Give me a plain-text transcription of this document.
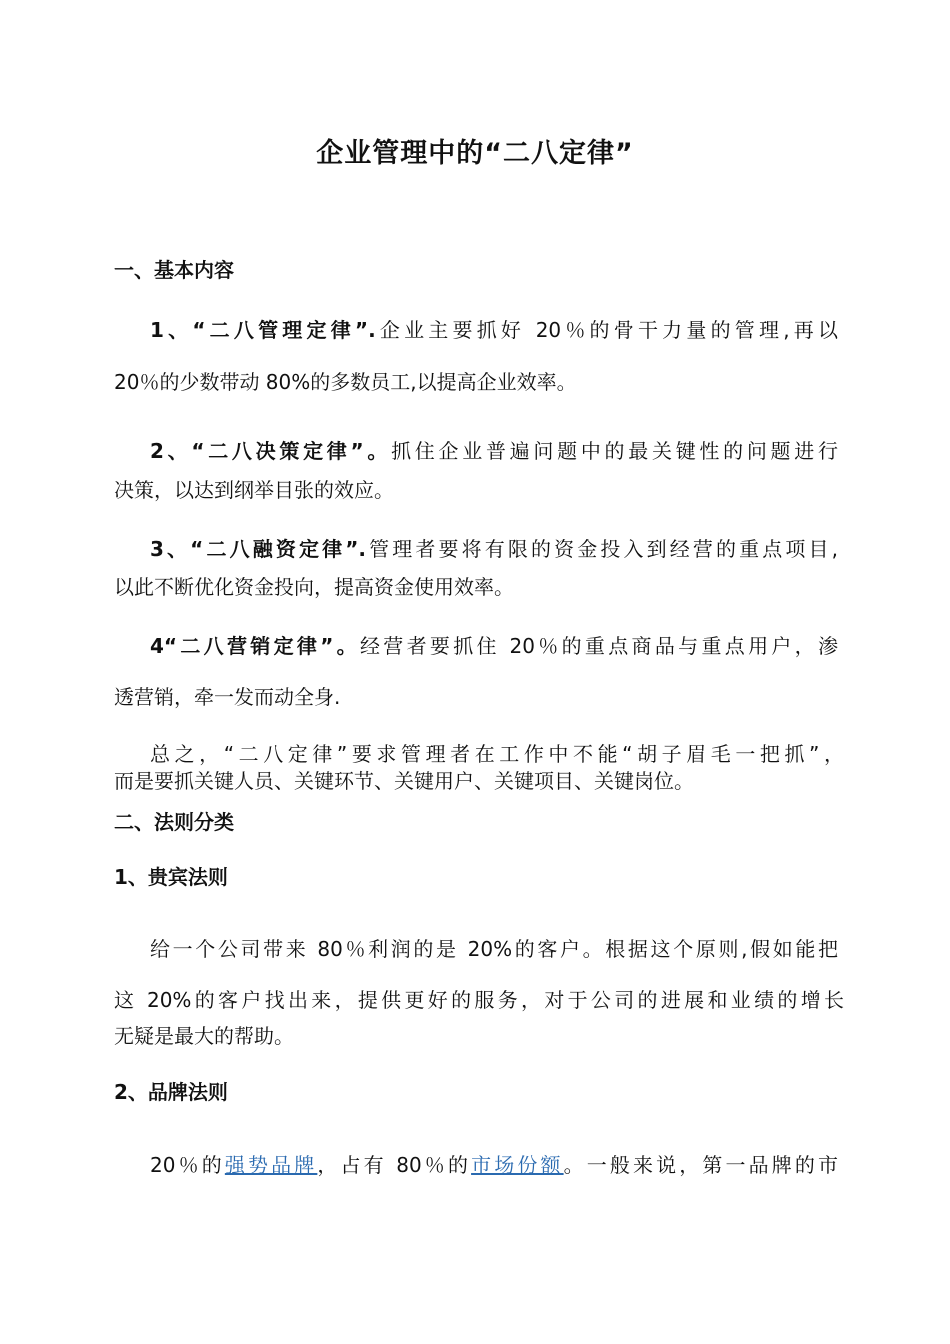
企业管理中的“二八定律”
一、基本内容
1、“二八管理定律”.企业主要抓好 20％的骨干力量的管理,再以
20％的少数带动 80%的多数员工,以提高企业效率。
2、“二八决策定律”。抓住企业普遍问题中的最关键性的问题进行
决策，以达到纲举目张的效应。
3、“二八融资定律”.管理者要将有限的资金投入到经营的重点项目,
以此不断优化资金投向，提高资金使用效率。
4“二八营销定律”。经营者要抓住 20％的重点商品与重点用户，渗
透营销，牵一发而动全身.
总之，“二八定律”要求管理者在工作中不能“胡子眉毛一把抓”，
而是要抓关键人员、关键环节、关键用户、关键项目、关键岗位。
二、法则分类
1、贵宾法则
给一个公司带来 80％利润的是 20%的客户。根据这个原则,假如能把
这 20%的客户找出来，提供更好的服务，对于公司的进展和业绩的增长
无疑是最大的帮助。
2、品牌法则
20％的强势品牌，占有 80％的市场份额。一般来说，第一品牌的市
